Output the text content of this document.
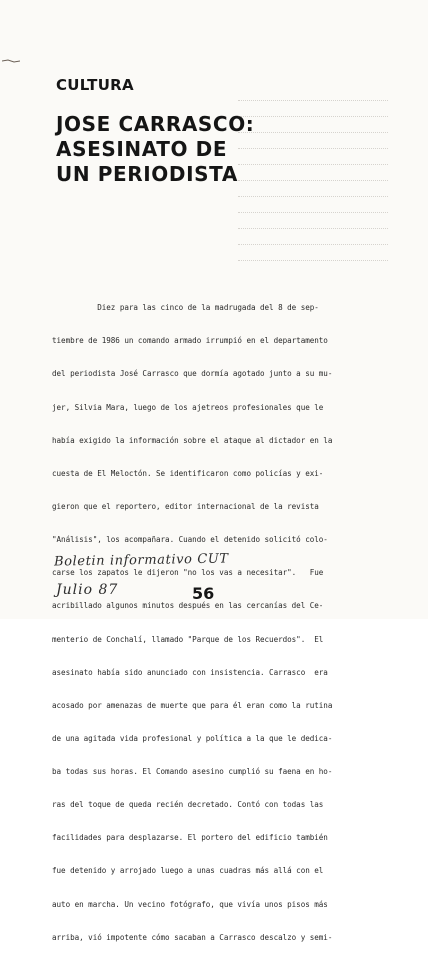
CULTURA
JOSE CARRASCO:
ASESINATO DE
UN PERIODISTA

Diez para las cinco de la madrugada del 8 de sep-

tiembre de 1986 un comando armado irrumpió en el departamento

del periodista José Carrasco que dormía agotado junto a su mu-

jer, Silvia Mara, luego de los ajetreos profesionales que le

había exigido la información sobre el ataque al dictador en la

cuesta de El Meloctón. Se identificaron como policías y exi-

gieron que el reportero, editor internacional de la revista

"Análisis", los acompañara. Cuando el detenido solicitó colo-

carse los zapatos le dijeron "no los vas a necesitar".   Fue

acribillado algunos minutos después en las cercanías del Ce-

menterio de Conchalí, llamado "Parque de los Recuerdos".  El

asesinato había sido anunciado con insistencia. Carrasco  era

acosado por amenazas de muerte que para él eran como la rutina

de una agitada vida profesional y política a la que le dedica-

ba todas sus horas. El Comando asesino cumplió su faena en ho-

ras del toque de queda recién decretado. Contó con todas las

facilidades para desplazarse. El portero del edificio también

fue detenido y arrojado luego a unas cuadras más allá con el

auto en marcha. Un vecino fotógrafo, que vivía unos pisos más

arriba, vió impotente cómo sacaban a Carrasco descalzo y semi-

Boletin informativo CUT
Julio 87	56
